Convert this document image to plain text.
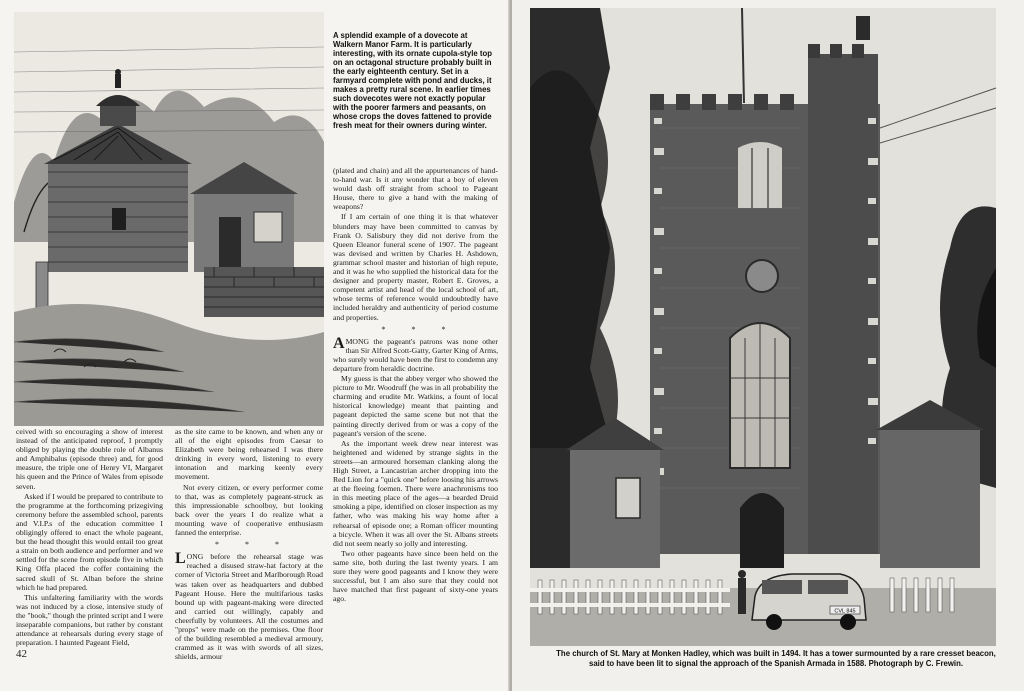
A splendid example of a dovecote at Walkern Manor Farm. It is particularly interesting, with its ornate cupola-style top on an octagonal structure probably built in the early eighteenth century. Set in a farmyard complete with pond and ducks, it makes a pretty rural scene. In earlier times such dovecotes were not exactly popular with the poorer farmers and peasants, on whose crops the doves fattened to provide fresh meat for their owners during winter.

ceived with so encouraging a show of interest instead of the anticipated reproof, I promptly obliged by playing the double role of Albanus and Amphibalus (episode three) and, for good measure, the triple one of Henry VI, Margaret his queen and the Prince of Wales from episode seven.

Asked if I would be prepared to contribute to the programme at the forthcoming prizegiving ceremony before the assembled school, parents and V.I.P.s of the education committee I obligingly offered to enact the whole pageant, but the head thought this would entail too great a strain on both audience and performer and we settled for the scene from episode five in which King Offa placed the coffer containing the sacred skull of St. Alban before the shrine which he had prepared.

This unfaltering familiarity with the words was not induced by a close, intensive study of the "book," though the printed script and I were inseparable companions, but rather by constant attendance at rehearsals during every stage of preparation. I haunted Pageant Field,

as the site came to be known, and when any or all of the eight episodes from Caesar to Elizabeth were being rehearsed I was there drinking in every word, listening to every intonation and marking keenly every movement.

Not every citizen, or every performer come to that, was as completely pageant-struck as this impressionable schoolboy, but looking back over the years I do realize what a mounting wave of cooperative enthusiasm fanned the enterprise.

* * *

LONG before the rehearsal stage was reached a disused straw-hat factory at the corner of Victoria Street and Marlborough Road was taken over as headquarters and dubbed Pageant House. Here the multifarious tasks bound up with pageant-making were directed and carried out willingly, capably and cheerfully by volunteers. All the costumes and "props" were made on the premises. One floor of the building resembled a medieval armoury, crammed as it was with swords of all sizes, shields, armour

(plated and chain) and all the appurtenances of hand-to-hand war. Is it any wonder that a boy of eleven would dash off straight from school to Pageant House, there to give a hand with the making of weapons?

If I am certain of one thing it is that whatever blunders may have been committed to canvas by Frank O. Salisbury they did not derive from the Queen Eleanor funeral scene of 1907. The pageant was devised and written by Charles H. Ashdown, grammar school master and historian of high repute, and it was he who supplied the historical data for the designer and property master, Robert E. Groves, a competent artist and head of the local school of art, whose terms of reference would undoubtedly have included heraldry and authenticity of period costume and properties.

* * *

AMONG the pageant's patrons was none other than Sir Alfred Scott-Gatty, Garter King of Arms, who surely would have been the first to condemn any departure from heraldic doctrine.

My guess is that the abbey verger who showed the picture to Mr. Woodruff (he was in all probability the charming and erudite Mr. Watkins, a fount of local historical knowledge) meant that painting and pageant depicted the same scene but not that the painting directly derived from or was a copy of the pageant's version of the scene.

As the important week drew near interest was heightened and widened by strange sights in the streets—an armoured horseman clanking along the High Street, a Lancastrian archer dropping into the Red Lion for a "quick one" before loosing his arrows at the fleeing foemen. There were anachronisms too in this meeting place of the ages—a bearded Druid smoking a pipe, identified on closer inspection as my father, who was making his way home after a rehearsal of episode one; a Roman officer mounting a bicycle. When it was all over the St. Albans streets did not seem nearly so jolly and interesting.

Two other pageants have since been held on the same site, both during the last twenty years. I am sure they were good pageants and I know they were successful, but I am also sure that they could not have matched that first pageant of sixty-one years ago.

42
CVL 845
The church of St. Mary at Monken Hadley, which was built in 1494. It has a tower surmounted by a rare cresset beacon, said to have been lit to signal the approach of the Spanish Armada in 1588. Photograph by C. Frewin.
